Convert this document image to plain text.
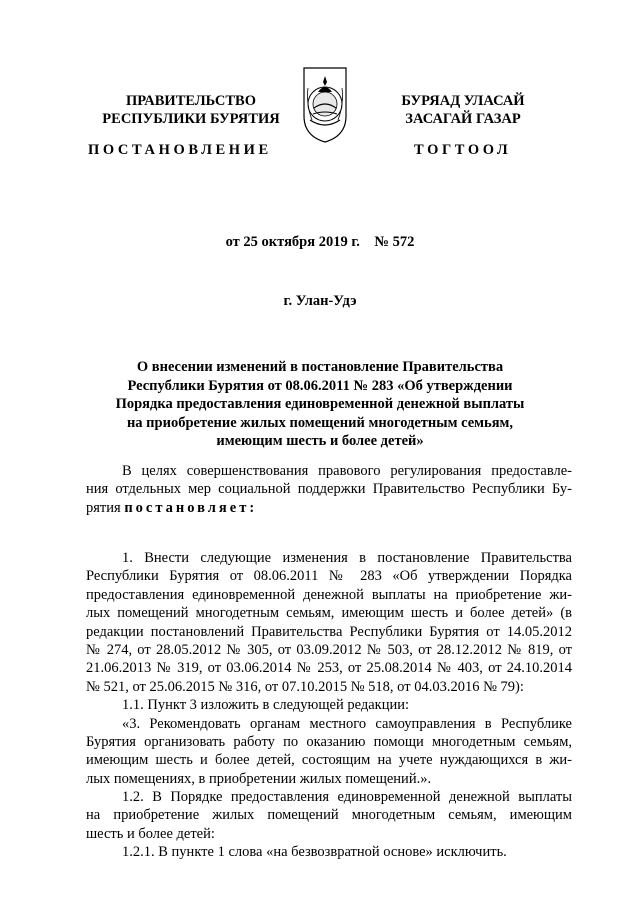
ПРАВИТЕЛЬСТВО
РЕСПУБЛИКИ БУРЯТИЯ
БУРЯАД УЛАСАЙ
ЗАСАГАЙ ГАЗАР
ПОСТАНОВЛЕНИЕ	ТОГТООЛ
от 25 октября 2019 г.    № 572
г. Улан-Удэ
О внесении изменений в постановление Правительства
Республики Бурятия от 08.06.2011 № 283 «Об утверждении
Порядка предоставления единовременной денежной выплаты
на приобретение жилых помещений многодетным семьям,
имеющим шесть и более детей»
В целях совершенствования правового регулирования предоставле-
ния отдельных мер социальной поддержки Правительство Республики Бу-
рятия постановляет:
1. Внести следующие изменения в постановление Правительства
Республики Бурятия от 08.06.2011 № 283 «Об утверждении Порядка
предоставления единовременной денежной выплаты на приобретение жи-
лых помещений многодетным семьям, имеющим шесть и более детей» (в
редакции постановлений Правительства Республики Бурятия от 14.05.2012
№ 274, от 28.05.2012 № 305, от 03.09.2012 № 503, от 28.12.2012 № 819, от
21.06.2013 № 319, от 03.06.2014 № 253, от 25.08.2014 № 403, от 24.10.2014
№ 521, от 25.06.2015 № 316, от 07.10.2015 № 518, от 04.03.2016 № 79):
1.1. Пункт 3 изложить в следующей редакции:
«3. Рекомендовать органам местного самоуправления в Республике
Бурятия организовать работу по оказанию помощи многодетным семьям,
имеющим шесть и более детей, состоящим на учете нуждающихся в жи-
лых помещениях, в приобретении жилых помещений.».
1.2. В Порядке предоставления единовременной денежной выплаты
на приобретение жилых помещений многодетным семьям, имеющим
шесть и более детей:
1.2.1. В пункте 1 слова «на безвозвратной основе» исключить.
